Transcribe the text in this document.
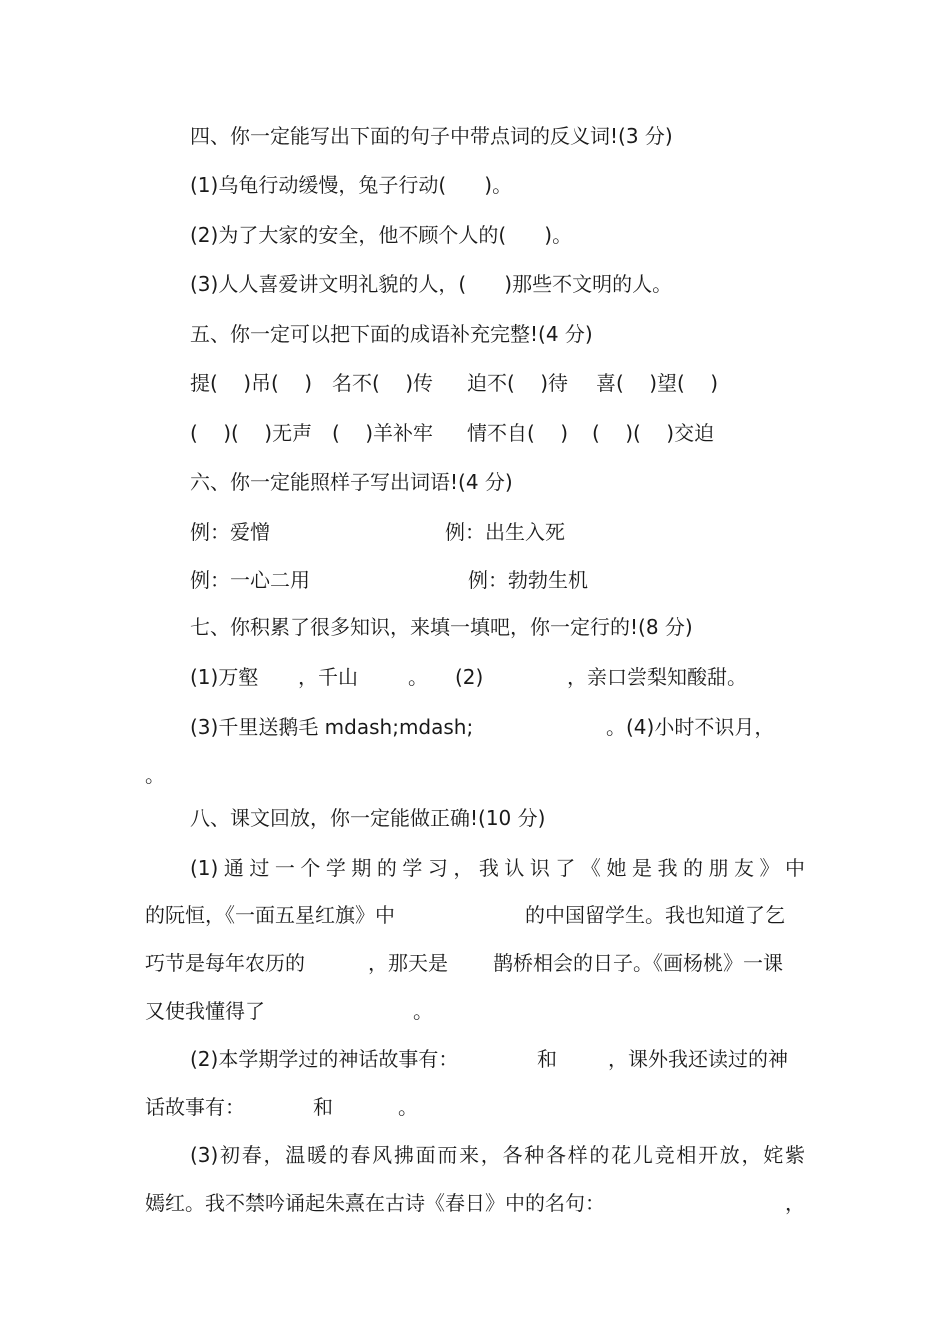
四、你一定能写出下面的句子中带点词的反义词!(3 分)
(1)乌龟行动缓慢，兔子行动(      )。
(2)为了大家的安全，他不顾个人的(      )。
(3)人人喜爱讲文明礼貌的人，(      )那些不文明的人。
五、你一定可以把下面的成语补充完整!(4 分)
提(    )吊(    ) 名不(    )传 迫不(    )待 喜(    )望(    )
(    )(    )无声 (    )羊补牢 情不自(    ) (    )(    )交迫
六、你一定能照样子写出词语!(4 分)
例：爱憎	例：出生入死
例：一心二用	例：勃勃生机
七、你积累了很多知识，来填一填吧，你一定行的!(8 分)
(1)万壑 ，千山	。 (2)	，亲口尝梨知酸甜。
(3)千里送鹅毛 mdash;mdash;	。(4)小时不识月，
。
八、课文回放，你一定能做正确!(10 分)
(1)通过一个学期的学习，我认识了《她是我的朋友》中
的阮恒，《一面五星红旗》中	的中国留学生。我也知道了乞
巧节是每年农历的	，那天是 鹊桥相会的日子。《画杨桃》一课
又使我懂得了	。
(2)本学期学过的神话故事有：	和	，课外我还读过的神
话故事有：	和	。
(3)初春，温暖的春风拂面而来，各种各样的花儿竞相开放，姹紫
嫣红。我不禁吟诵起朱熹在古诗《春日》中的名句：	，
